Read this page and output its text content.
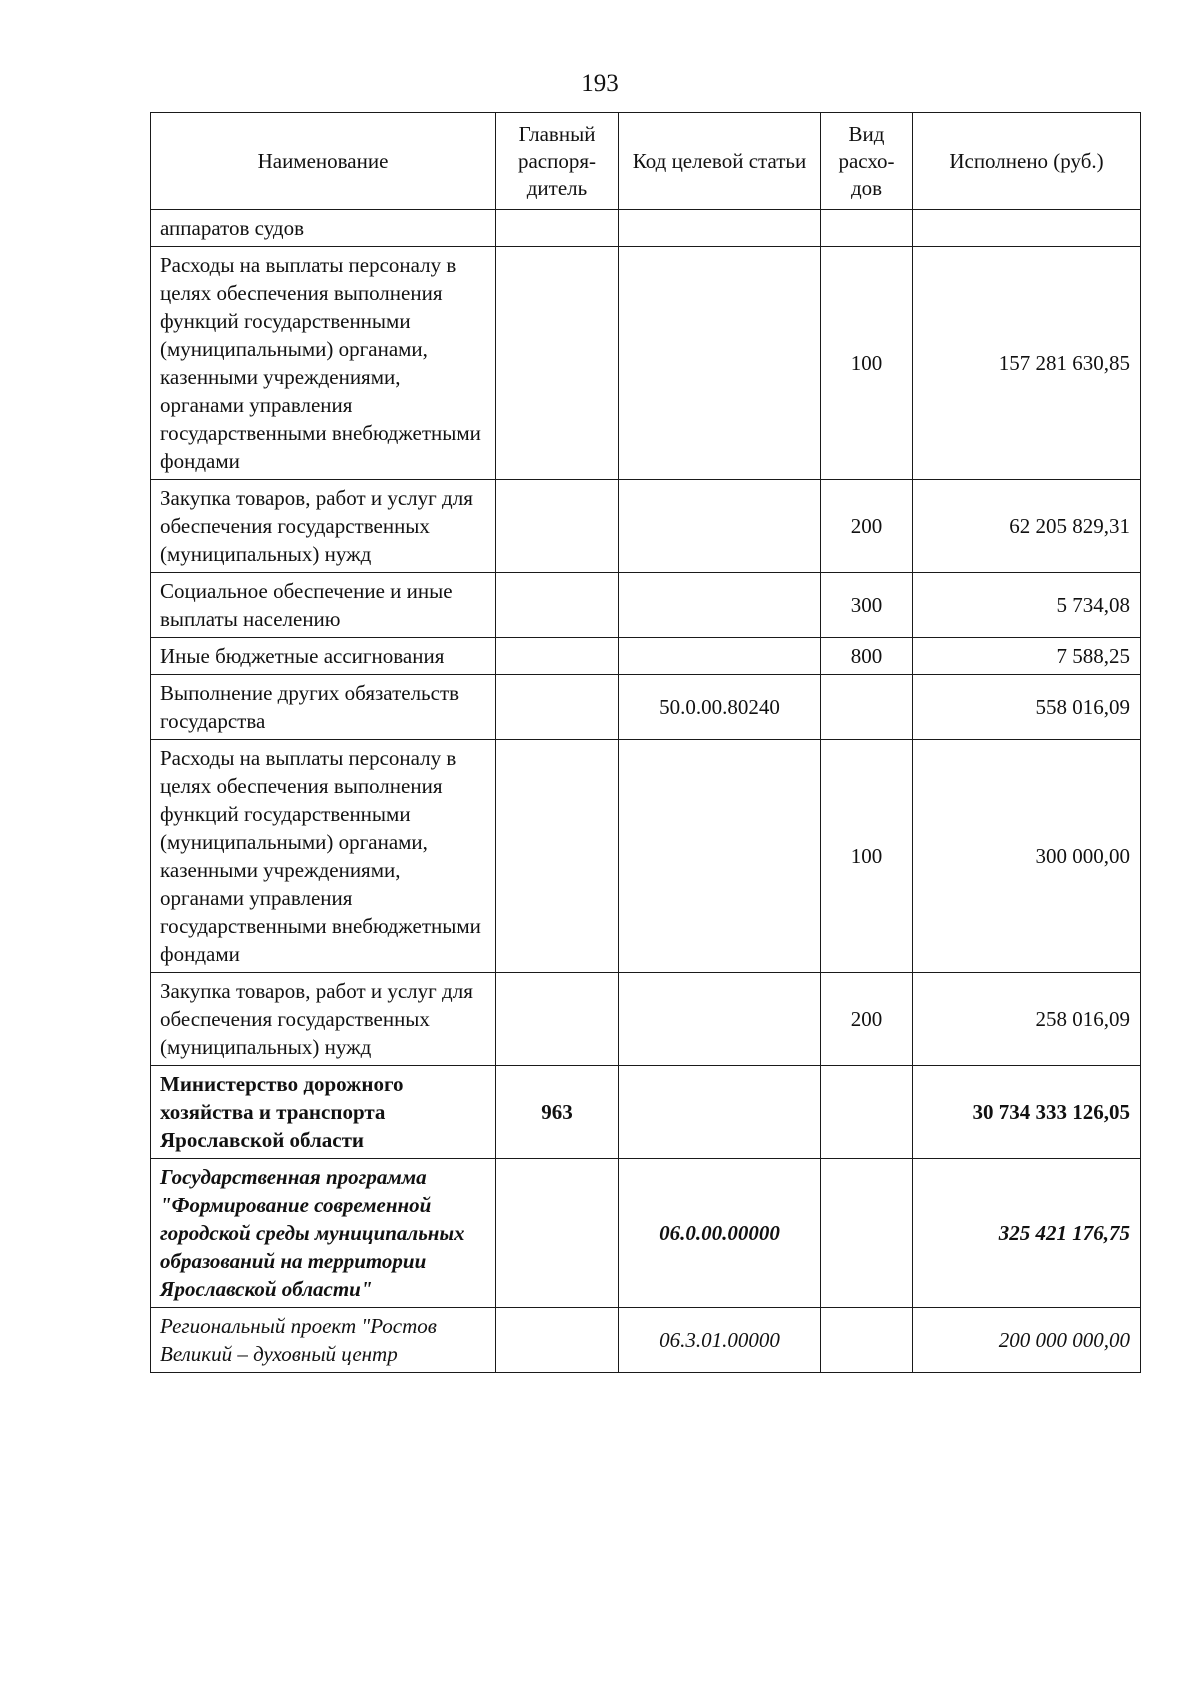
193
Наименование	Главный распоря-дитель	Код целевой статьи	Вид расхо-дов	Исполнено (руб.)
аппаратов судов				
Расходы на выплаты персоналу в целях обеспечения выполнения функций государственными (муниципальными) органами, казенными учреждениями, органами управления государственными внебюджетными фондами			100	157 281 630,85
Закупка товаров, работ и услуг для обеспечения государственных (муниципальных) нужд			200	62 205 829,31
Социальное обеспечение и иные выплаты населению			300	5 734,08
Иные бюджетные ассигнования			800	7 588,25
Выполнение других обязательств государства		50.0.00.80240		558 016,09
Расходы на выплаты персоналу в целях обеспечения выполнения функций государственными (муниципальными) органами, казенными учреждениями, органами управления государственными внебюджетными фондами			100	300 000,00
Закупка товаров, работ и услуг для обеспечения государственных (муниципальных) нужд			200	258 016,09
Министерство дорожного хозяйства и транспорта Ярославской области	963			30 734 333 126,05
Государственная программа "Формирование современной городской среды муниципальных образований на территории Ярославской области"		06.0.00.00000		325 421 176,75
Региональный проект "Ростов Великий – духовный центр		06.3.01.00000		200 000 000,00
